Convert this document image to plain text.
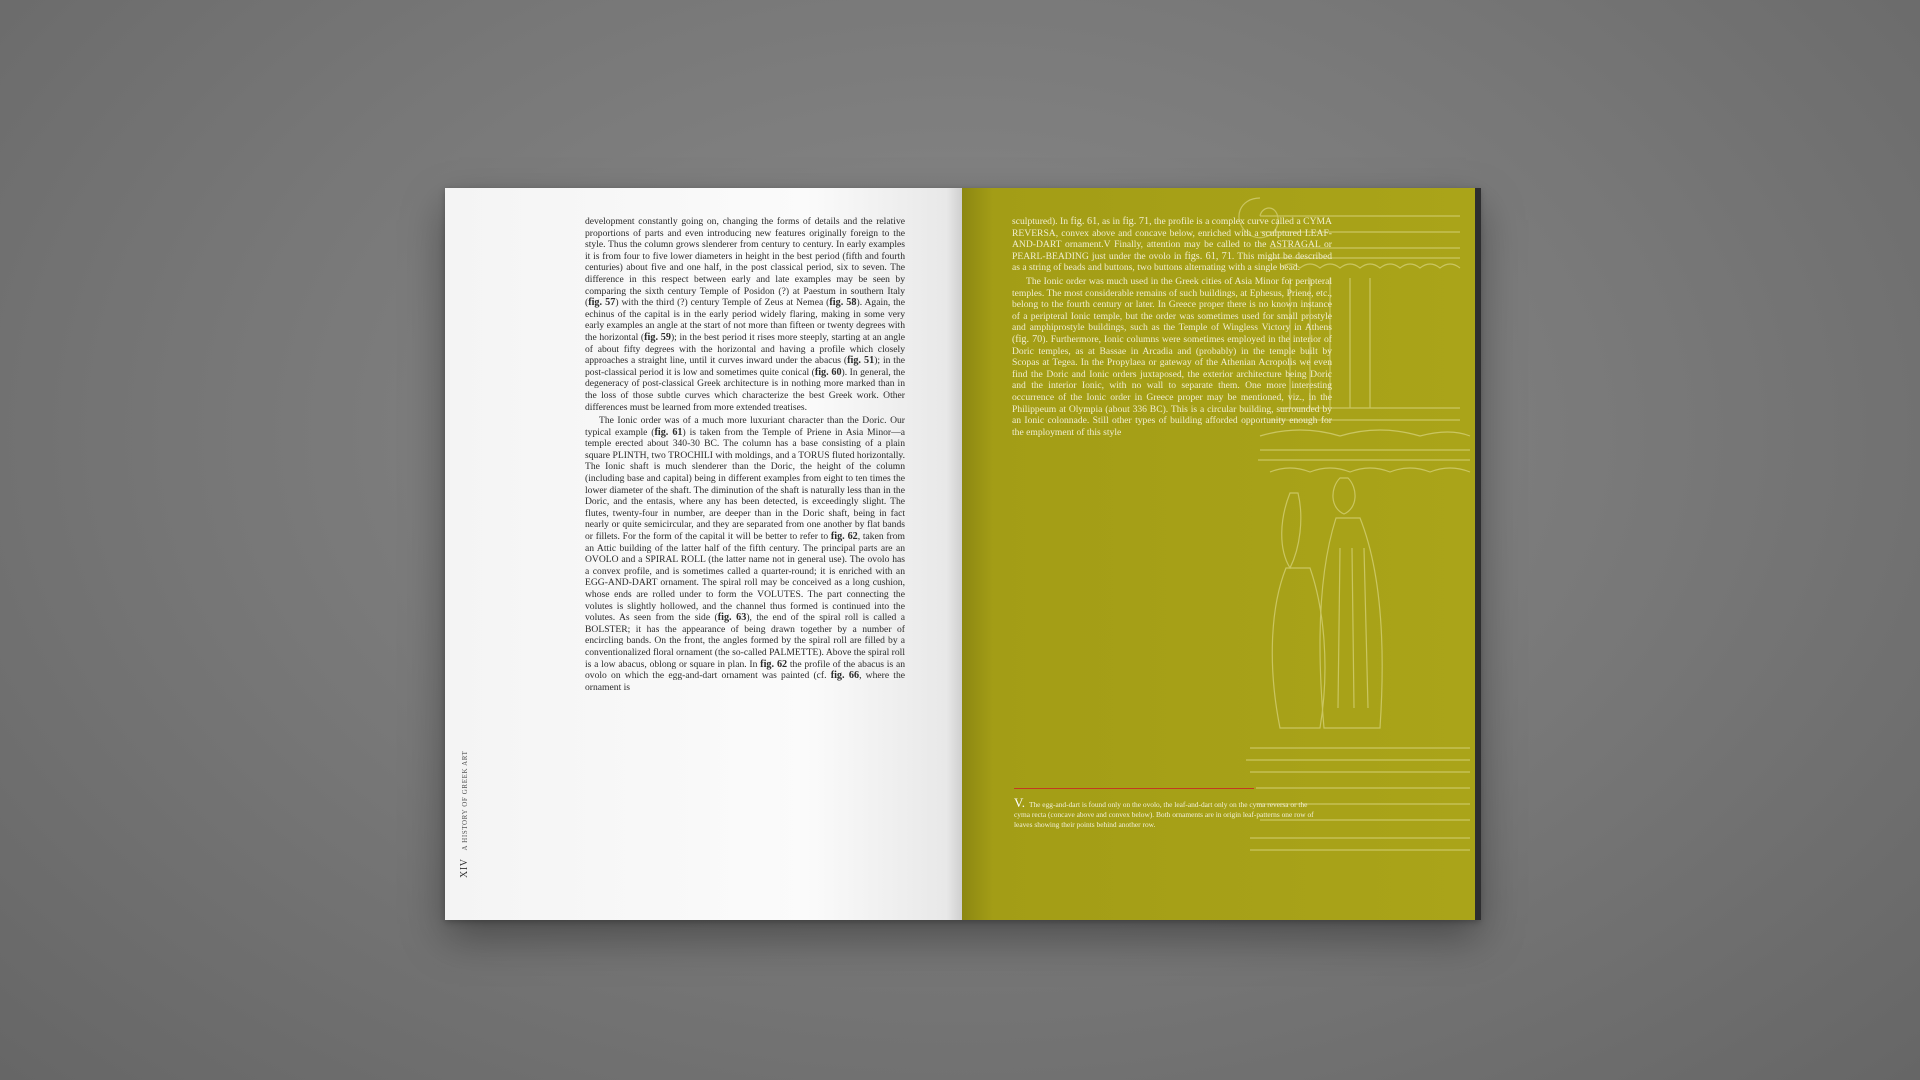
development constantly going on, changing the forms of details and the relative proportions of parts and even introducing new features originally foreign to the style. Thus the column grows slenderer from century to century. In early examples it is from four to five lower diameters in height in the best period (fifth and fourth centuries) about five and one half, in the post classical period, six to seven. The difference in this respect between early and late examples may be seen by comparing the sixth century Temple of Posidon (?) at Paestum in southern Italy (fig. 57) with the third (?) century Temple of Zeus at Nemea (fig. 58). Again, the echinus of the capital is in the early period widely flaring, making in some very early examples an angle at the start of not more than fifteen or twenty degrees with the horizontal (fig. 59); in the best period it rises more steeply, starting at an angle of about fifty degrees with the horizontal and having a profile which closely approaches a straight line, until it curves inward under the abacus (fig. 51); in the post-classical period it is low and sometimes quite conical (fig. 60). In general, the degeneracy of post-classical Greek architecture is in nothing more marked than in the loss of those subtle curves which characterize the best Greek work. Other differences must be learned from more extended treatises.

The Ionic order was of a much more luxuriant character than the Doric. Our typical example (fig. 61) is taken from the Temple of Priene in Asia Minor—a temple erected about 340-30 BC. The column has a base consisting of a plain square PLINTH, two TROCHILI with moldings, and a TORUS fluted horizontally. The Ionic shaft is much slenderer than the Doric, the height of the column (including base and capital) being in different examples from eight to ten times the lower diameter of the shaft. The diminution of the shaft is naturally less than in the Doric, and the entasis, where any has been detected, is exceedingly slight. The flutes, twenty-four in number, are deeper than in the Doric shaft, being in fact nearly or quite semicircular, and they are separated from one another by flat bands or fillets. For the form of the capital it will be better to refer to fig. 62, taken from an Attic building of the latter half of the fifth century. The principal parts are an OVOLO and a SPIRAL ROLL (the latter name not in general use). The ovolo has a convex profile, and is sometimes called a quarter-round; it is enriched with an EGG-AND-DART ornament. The spiral roll may be conceived as a long cushion, whose ends are rolled under to form the VOLUTES. The part connecting the volutes is slightly hollowed, and the channel thus formed is continued into the volutes. As seen from the side (fig. 63), the end of the spiral roll is called a BOLSTER; it has the appearance of being drawn together by a number of encircling bands. On the front, the angles formed by the spiral roll are filled by a conventionalized floral ornament (the so-called PALMETTE). Above the spiral roll is a low abacus, oblong or square in plan. In fig. 62 the profile of the abacus is an ovolo on which the egg-and-dart ornament was painted (cf. fig. 66, where the ornament is

XIV A HISTORY OF GREEK ART

sculptured). In fig. 61, as in fig. 71, the profile is a complex curve called a CYMA REVERSA, convex above and concave below, enriched with a sculptured LEAF-AND-DART ornament.V Finally, attention may be called to the ASTRAGAL or PEARL-BEADING just under the ovolo in figs. 61, 71. This might be described as a string of beads and buttons, two buttons alternating with a single bead.

The Ionic order was much used in the Greek cities of Asia Minor for peripteral temples. The most considerable remains of such buildings, at Ephesus, Priene, etc., belong to the fourth century or later. In Greece proper there is no known instance of a peripteral Ionic temple, but the order was sometimes used for small prostyle and amphiprostyle buildings, such as the Temple of Wingless Victory in Athens (fig. 70). Furthermore, Ionic columns were sometimes employed in the interior of Doric temples, as at Bassae in Arcadia and (probably) in the temple built by Scopas at Tegea. In the Propylaea or gateway of the Athenian Acropolis we even find the Doric and Ionic orders juxtaposed, the exterior architecture being Doric and the interior Ionic, with no wall to separate them. One more interesting occurrence of the Ionic order in Greece proper may be mentioned, viz., in the Philippeum at Olympia (about 336 BC). This is a circular building, surrounded by an Ionic colonnade. Still other types of building afforded opportunity enough for the employment of this style

V. The egg-and-dart is found only on the ovolo, the leaf-and-dart only on the cyma reversa or the cyma recta (concave above and convex below). Both ornaments are in origin leaf-patterns one row of leaves showing their points behind another row.
